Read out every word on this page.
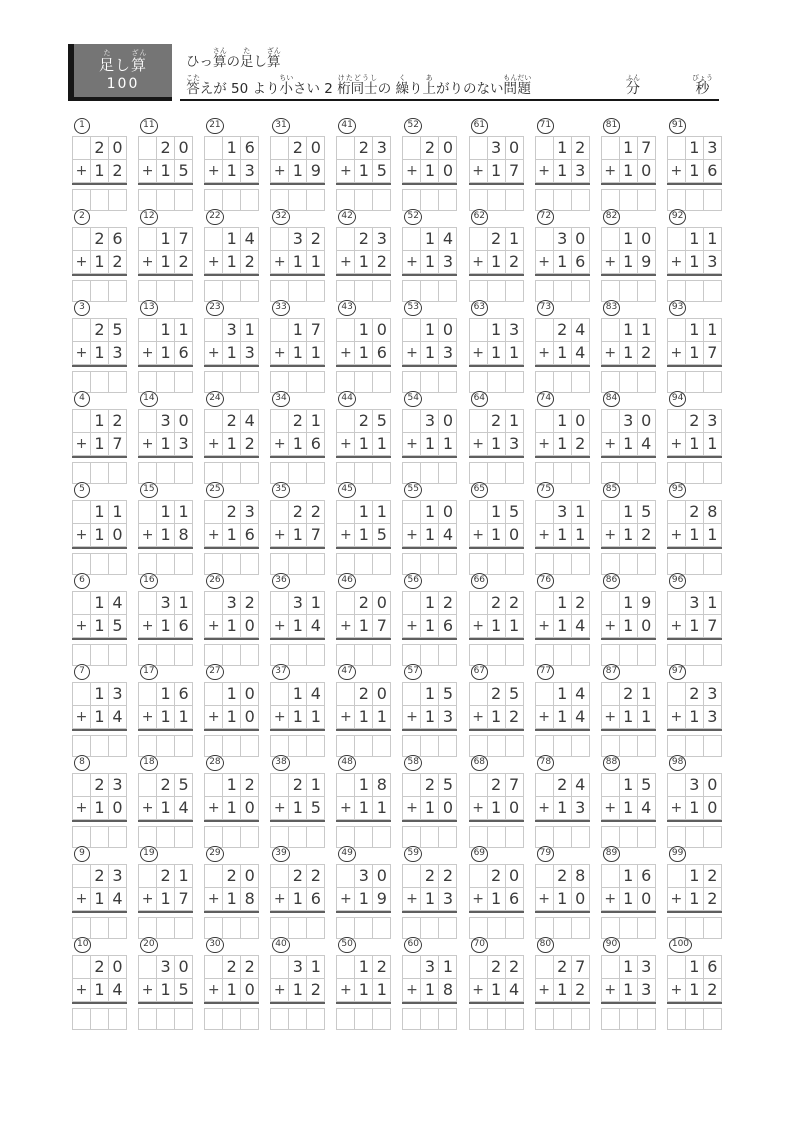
足たし算ざん
100
ひっ算さんの足たし算ざん
答こたえが 50 より小ちいさい 2 桁同士けたどうしの 繰くり上あがりのない問題もんだい
分ふん
秒びょう
1
2 0
+ 1 2
11
2 0
+ 1 5
21
1 6
+ 1 3
31
2 0
+ 1 9
41
2 3
+ 1 5
52
2 0
+ 1 0
61
3 0
+ 1 7
71
1 2
+ 1 3
81
1 7
+ 1 0
91
1 3
+ 1 6
2
2 6
+ 1 2
12
1 7
+ 1 2
22
1 4
+ 1 2
32
3 2
+ 1 1
42
2 3
+ 1 2
52
1 4
+ 1 3
62
2 1
+ 1 2
72
3 0
+ 1 6
82
1 0
+ 1 9
92
1 1
+ 1 3
3
2 5
+ 1 3
13
1 1
+ 1 6
23
3 1
+ 1 3
33
1 7
+ 1 1
43
1 0
+ 1 6
53
1 0
+ 1 3
63
1 3
+ 1 1
73
2 4
+ 1 4
83
1 1
+ 1 2
93
1 1
+ 1 7
4
1 2
+ 1 7
14
3 0
+ 1 3
24
2 4
+ 1 2
34
2 1
+ 1 6
44
2 5
+ 1 1
54
3 0
+ 1 1
64
2 1
+ 1 3
74
1 0
+ 1 2
84
3 0
+ 1 4
94
2 3
+ 1 1
5
1 1
+ 1 0
15
1 1
+ 1 8
25
2 3
+ 1 6
35
2 2
+ 1 7
45
1 1
+ 1 5
55
1 0
+ 1 4
65
1 5
+ 1 0
75
3 1
+ 1 1
85
1 5
+ 1 2
95
2 8
+ 1 1
6
1 4
+ 1 5
16
3 1
+ 1 6
26
3 2
+ 1 0
36
3 1
+ 1 4
46
2 0
+ 1 7
56
1 2
+ 1 6
66
2 2
+ 1 1
76
1 2
+ 1 4
86
1 9
+ 1 0
96
3 1
+ 1 7
7
1 3
+ 1 4
17
1 6
+ 1 1
27
1 0
+ 1 0
37
1 4
+ 1 1
47
2 0
+ 1 1
57
1 5
+ 1 3
67
2 5
+ 1 2
77
1 4
+ 1 4
87
2 1
+ 1 1
97
2 3
+ 1 3
8
2 3
+ 1 0
18
2 5
+ 1 4
28
1 2
+ 1 0
38
2 1
+ 1 5
48
1 8
+ 1 1
58
2 5
+ 1 0
68
2 7
+ 1 0
78
2 4
+ 1 3
88
1 5
+ 1 4
98
3 0
+ 1 0
9
2 3
+ 1 4
19
2 1
+ 1 7
29
2 0
+ 1 8
39
2 2
+ 1 6
49
3 0
+ 1 9
59
2 2
+ 1 3
69
2 0
+ 1 6
79
2 8
+ 1 0
89
1 6
+ 1 0
99
1 2
+ 1 2
10
2 0
+ 1 4
20
3 0
+ 1 5
30
2 2
+ 1 0
40
3 1
+ 1 2
50
1 2
+ 1 1
60
3 1
+ 1 8
70
2 2
+ 1 4
80
2 7
+ 1 2
90
1 3
+ 1 3
100
1 6
+ 1 2
